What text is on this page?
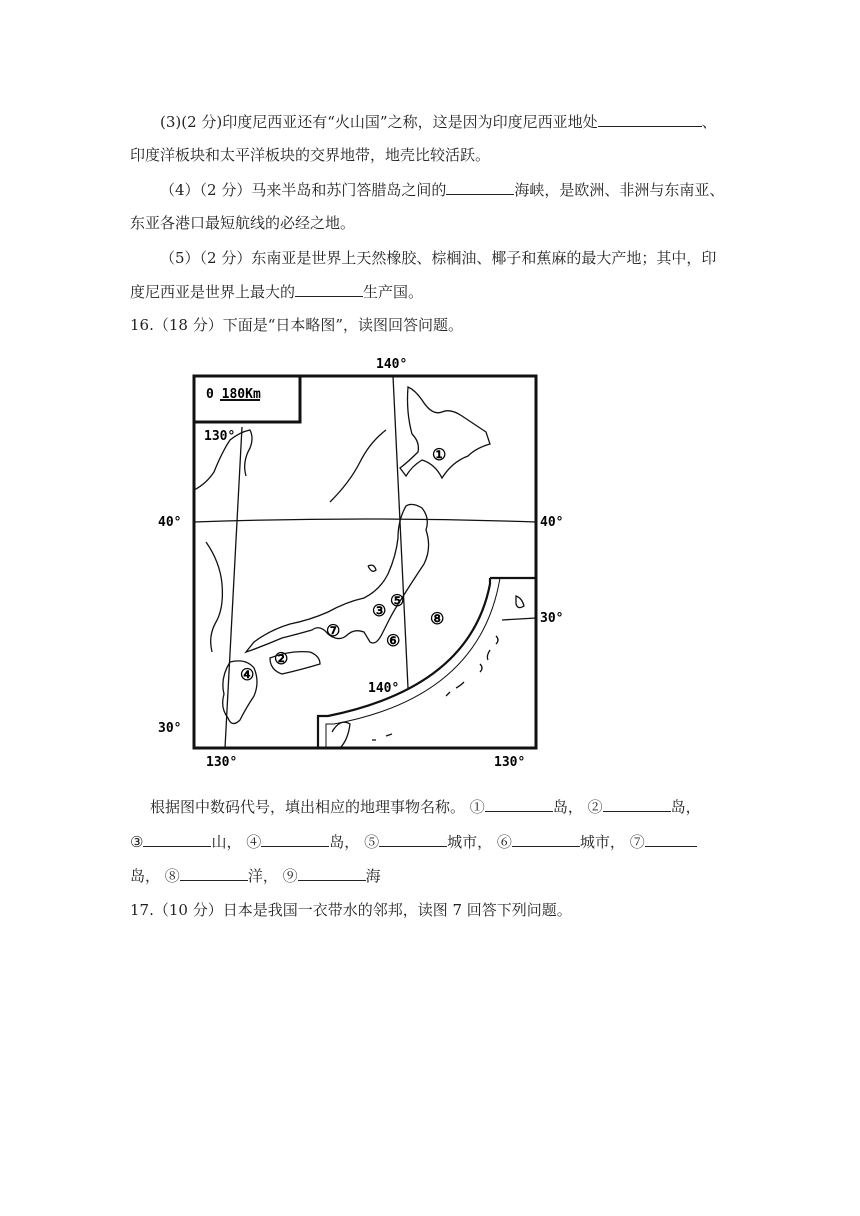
(3)(2 分)印度尼西亚还有“火山国”之称，这是因为印度尼西亚地处	、
印度洋板块和太平洋板块的交界地带，地壳比较活跃。
（4）（2 分）马来半岛和苏门答腊岛之间的	海峡，是欧洲、非洲与东南亚、
东亚各港口最短航线的必经之地。
（5）（2 分）东南亚是世界上天然橡胶、棕榈油、椰子和蕉麻的最大产地；其中，印
度尼西亚是世界上最大的	生产国。
16.（18 分）下面是“日本略图”，读图回答问题。
0 180Km
140°
130°
40°	40°
30°
30°
140°
130°	130°
①
②
③
④
⑤
⑥
⑦
⑧
根据图中数码代号，填出相应的地理事物名称。 ①	岛， ②	岛，
③	山， ④	岛， ⑤	城市， ⑥	城市， ⑦
岛， ⑧	洋， ⑨	海
17.（10 分）日本是我国一衣带水的邻邦，读图 7 回答下列问题。
